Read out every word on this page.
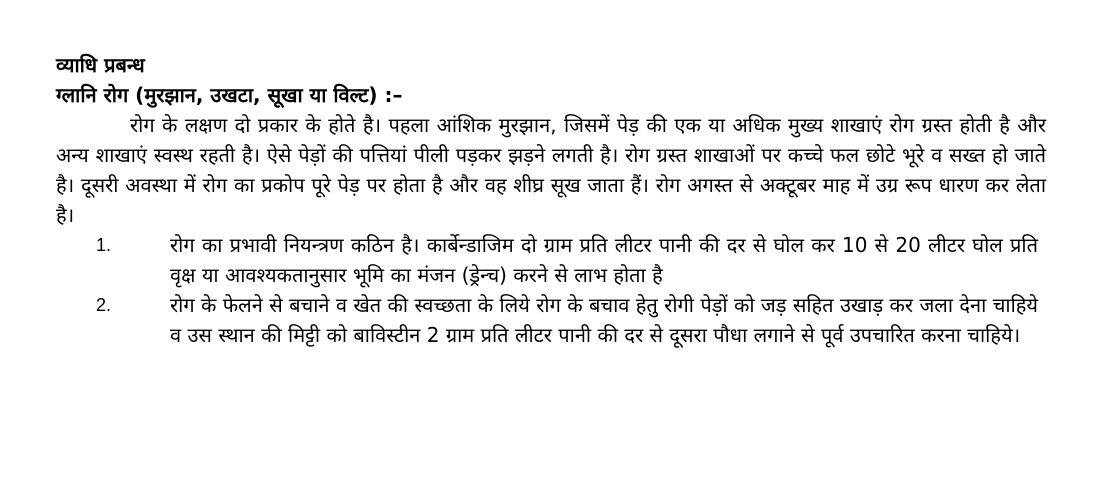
व्याधि प्रबन्ध
ग्लानि रोग (मुरझान, उखटा, सूखा या विल्ट) :–

रोग के लक्षण दो प्रकार के होते है। पहला आंशिक मुरझान, जिसमें पेड़ की एक या अधिक मुख्य शाखाएं रोग ग्रस्त होती है और अन्य शाखाएं स्वस्थ रहती है। ऐसे पेड़ों की पत्तियां पीली पड़कर झड़ने लगती है। रोग ग्रस्त शाखाओं पर कच्चे फल छोटे भूरे व सख्त हो जाते है। दूसरी अवस्था में रोग का प्रकोप पूरे पेड़ पर होता है और वह शीघ्र सूख जाता हैं। रोग अगस्त से अक्टूबर माह में उग्र रूप धारण कर लेता है।

1.	रोग का प्रभावी नियन्त्रण कठिन है। कार्बेन्डाजिम दो ग्राम प्रति लीटर पानी की दर से घोल कर 10 से 20 लीटर घोल प्रति वृक्ष या आवश्यकतानुसार भूमि का मंजन (ड्रेन्च) करने से लाभ होता है
2.	रोग के फेलने से बचाने व खेत की स्वच्छता के लिये रोग के बचाव हेतु रोगी पेड़ों को जड़ सहित उखाड़ कर जला देना चाहिये व उस स्थान की मिट्टी को बाविस्टीन 2 ग्राम प्रति लीटर पानी की दर से दूसरा पौधा लगाने से पूर्व उपचारित करना चाहिये।
